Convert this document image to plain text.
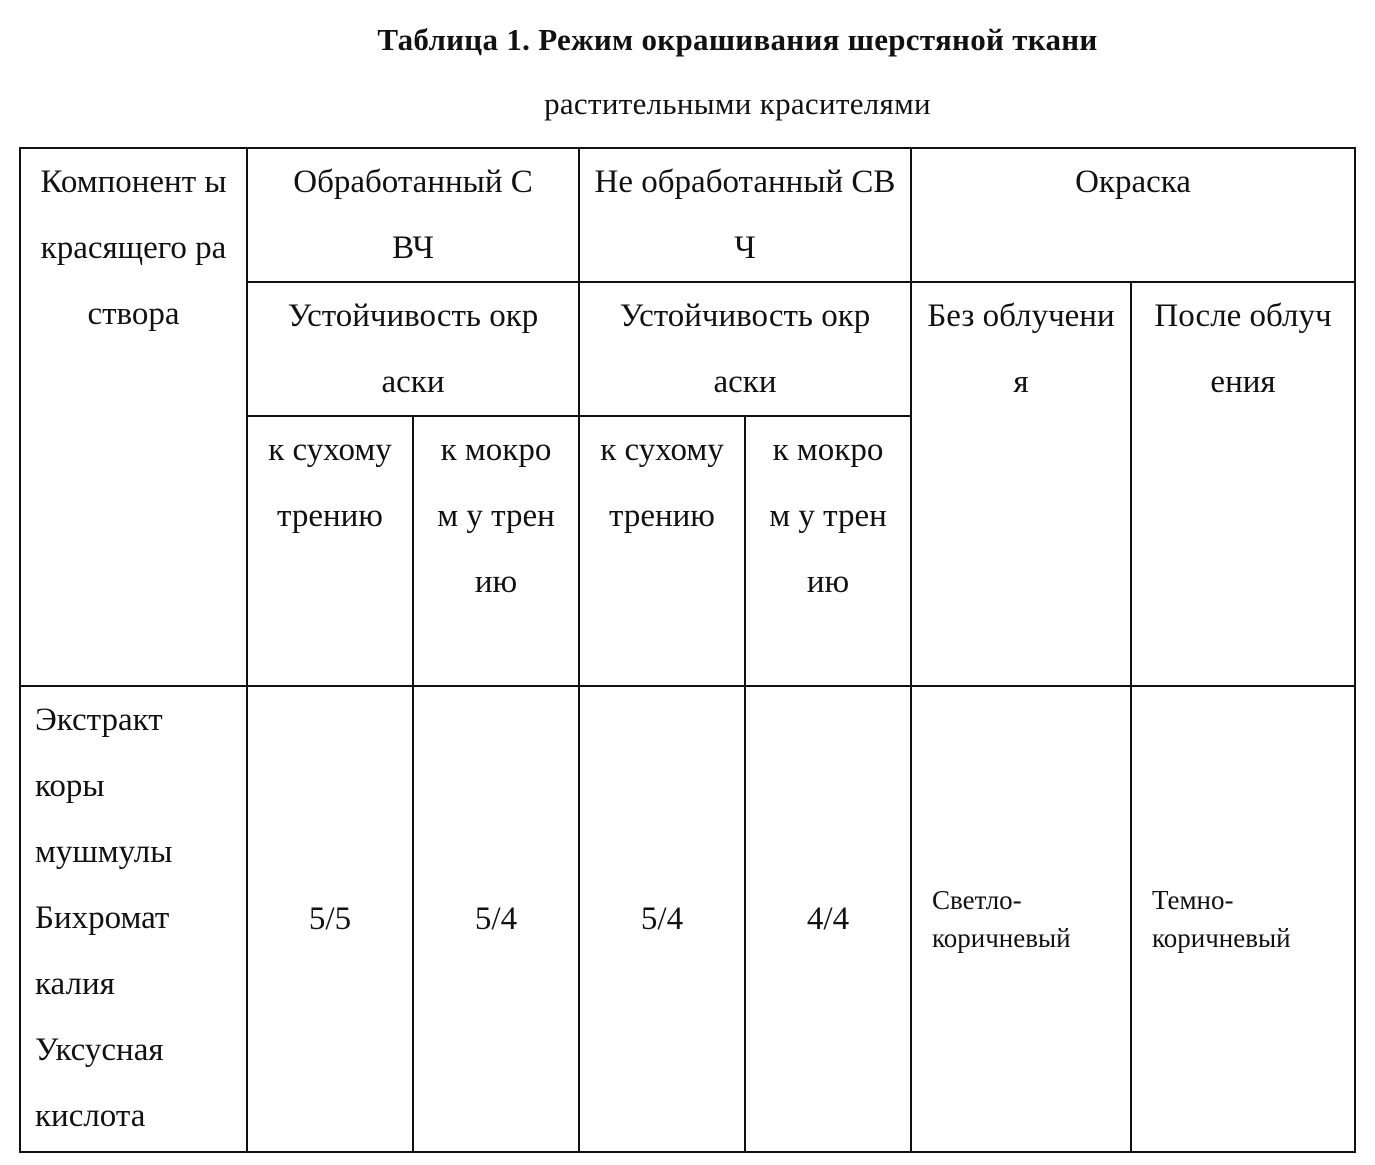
Таблица 1. Режим окрашивания шерстяной ткани
растительными красителями
Компонент ы красящего раствора	Обработанный СВЧ		Не обработанный СВЧ		Окраска	

	Устойчивость окраски		Устойчивость окраски		Без облучения	После облучения

	к сухому трению	к мокром у трению	к сухому трению	к мокром у трению		

Экстракт коры мушмулы Бихромат калия Уксусная кислота	5/5	5/4	5/4	4/4	Светло-коричневый	Темно-коричневый
